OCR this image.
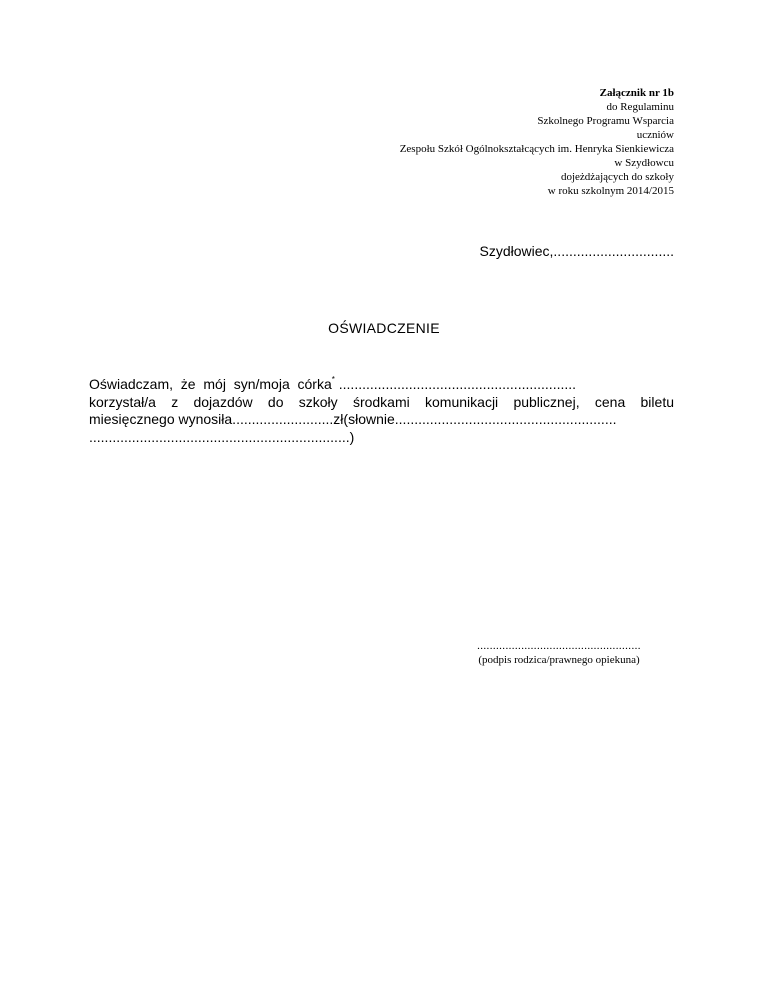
Załącznik nr 1b
do Regulaminu
Szkolnego Programu Wsparcia
uczniów
Zespołu Szkół Ogólnokształcących im. Henryka Sienkiewicza
w Szydłowcu
dojeżdżających do szkoły
w roku szkolnym 2014/2015
Szydłowiec,...............................
OŚWIADCZENIE
Oświadczam,  że  mój  syn/moja  córka* .............................................................
korzystał/a z dojazdów do szkoły środkami komunikacji publicznej, cena biletu
miesięcznego wynosiła..........................zł(słownie.........................................................
...................................................................)
....................................................
(podpis rodzica/prawnego opiekuna)
